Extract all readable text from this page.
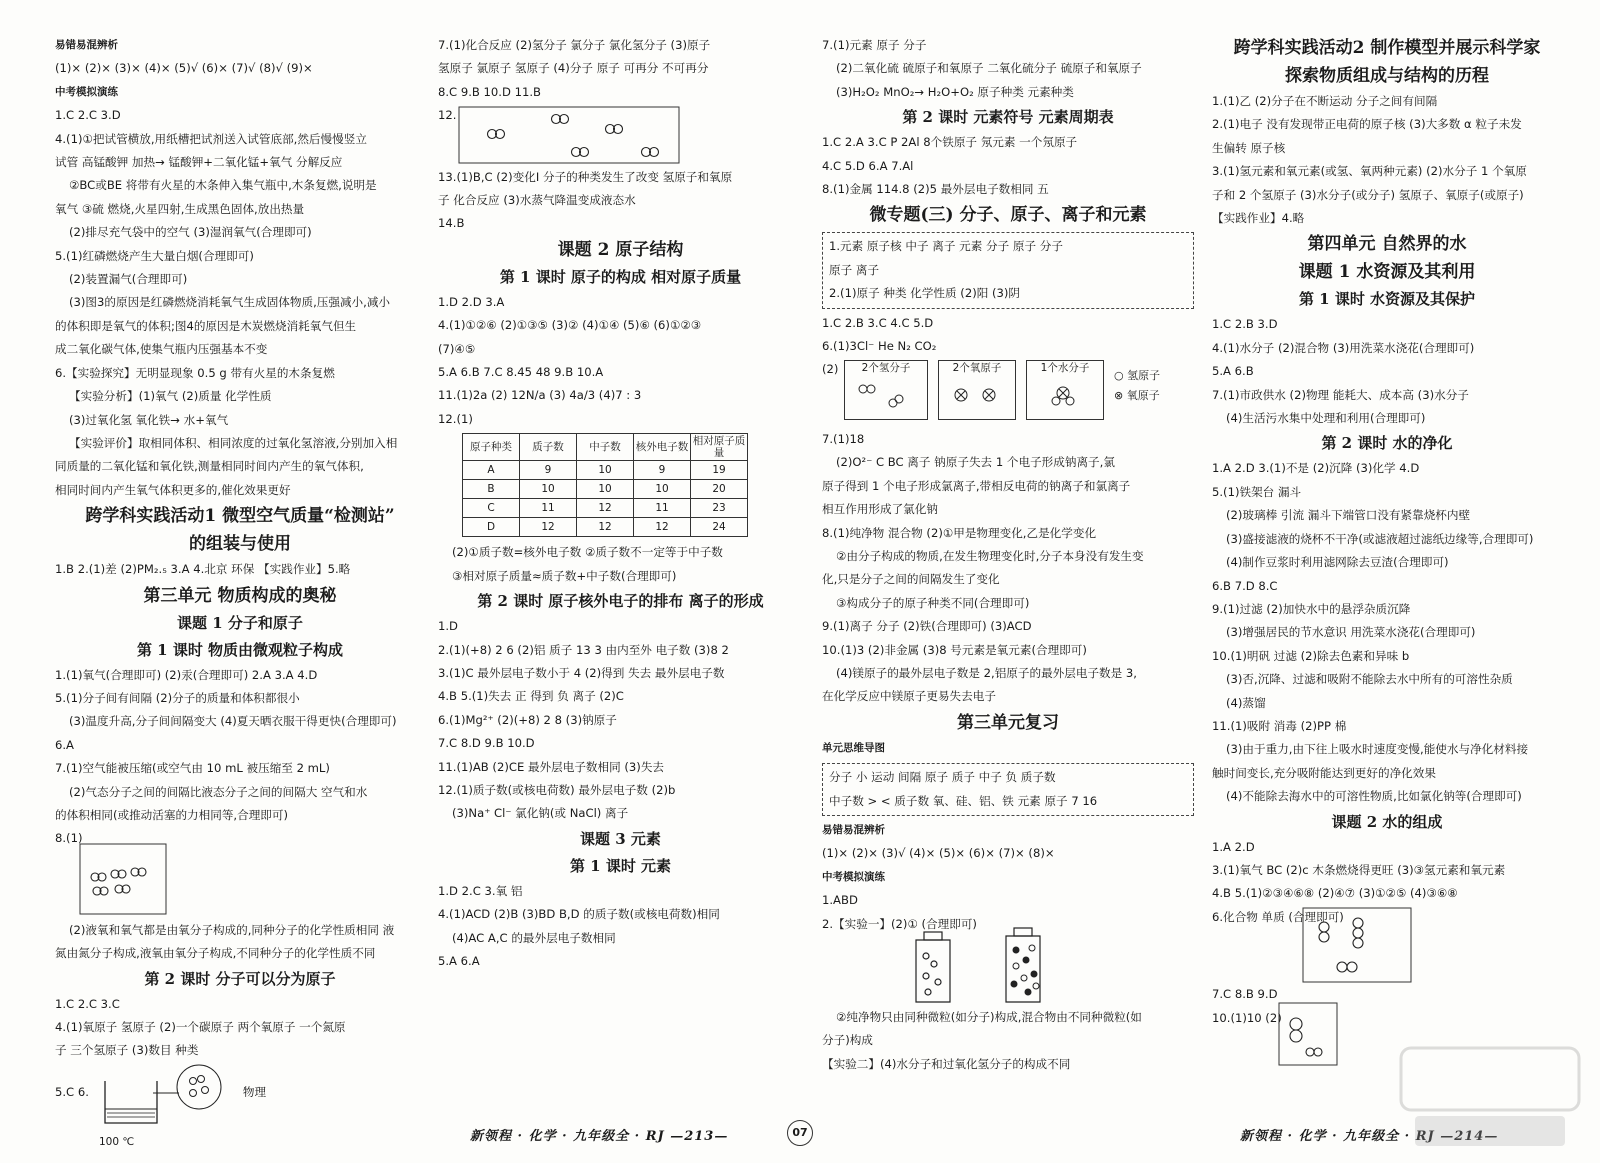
易错易混辨析
(1)× (2)× (3)× (4)× (5)√ (6)× (7)√ (8)√ (9)×
中考模拟演练
1.C 2.C 3.D
4.(1)①把试管横放,用纸槽把试剂送入试管底部,然后慢慢竖立
试管 高锰酸钾 加热→ 锰酸钾+二氧化锰+氧气 分解反应
②BC或BE 将带有火星的木条伸入集气瓶中,木条复燃,说明是
氧气 ③硫 燃烧,火星四射,生成黑色固体,放出热量
(2)排尽充气袋中的空气 (3)湿润氧气(合理即可)
5.(1)红磷燃烧产生大量白烟(合理即可)
(2)装置漏气(合理即可)
(3)图3的原因是红磷燃烧消耗氧气生成固体物质,压强减小,减小
的体积即是氧气的体积;图4的原因是木炭燃烧消耗氧气但生
成二氧化碳气体,使集气瓶内压强基本不变
6.【实验探究】无明显现象 0.5 g 带有火星的木条复燃
【实验分析】(1)氧气 (2)质量 化学性质
(3)过氧化氢 氧化铁→ 水+氧气
【实验评价】取相同体积、相同浓度的过氧化氢溶液,分别加入相
同质量的二氧化锰和氧化铁,测量相同时间内产生的氧气体积,
相同时间内产生氧气体积更多的,催化效果更好
跨学科实践活动1 微型空气质量“检测站”
的组装与使用
1.B 2.(1)差 (2)PM₂.₅ 3.A 4.北京 环保 【实践作业】5.略
第三单元 物质构成的奥秘
课题 1 分子和原子
第 1 课时 物质由微观粒子构成
1.(1)氧气(合理即可) (2)汞(合理即可) 2.A 3.A 4.D
5.(1)分子间有间隔 (2)分子的质量和体积都很小
(3)温度升高,分子间间隔变大 (4)夏天晒衣服干得更快(合理即可)
6.A
7.(1)空气能被压缩(或空气由 10 mL 被压缩至 2 mL)
(2)气态分子之间的间隔比液态分子之间的间隔大 空气和水
的体积相同(或推动活塞的力相同等,合理即可)
8.(1)
(2)液氧和氧气都是由氧分子构成的,同种分子的化学性质相同 液
氮由氮分子构成,液氧由氧分子构成,不同种分子的化学性质不同
第 2 课时 分子可以分为原子
1.C 2.C 3.C
4.(1)氧原子 氢原子 (2)一个碳原子 两个氧原子 一个氮原
子 三个氢原子 (3)数目 种类
5.C 6.	物理
100 ℃
7.(1)化合反应 (2)氢分子 氯分子 氯化氢分子 (3)原子
氢原子 氯原子 氢原子 (4)分子 原子 可再分 不可再分
8.C 9.B 10.D 11.B
12.
13.(1)B,C (2)变化Ⅰ 分子的种类发生了改变 氢原子和氧原
子 化合反应 (3)水蒸气降温变成液态水
14.B
课题 2 原子结构
第 1 课时 原子的构成 相对原子质量
1.D 2.D 3.A
4.(1)①②⑥ (2)①③⑤ (3)② (4)①④ (5)⑥ (6)①②③
(7)④⑤
5.A 6.B 7.C 8.45 48 9.B 10.A
11.(1)2a (2) 12N/a (3) 4a/3 (4)7 : 3
12.(1)
原子种类	质子数	中子数	核外电子数	相对原子质量
A	9	10	9	19
B	10	10	10	20
C	11	12	11	23
D	12	12	12	24
(2)①质子数=核外电子数 ②质子数不一定等于中子数
③相对原子质量≈质子数+中子数(合理即可)
第 2 课时 原子核外电子的排布 离子的形成
1.D
2.(1)(+8) 2 6 (2)铝 质子 13 3 由内至外 电子数 (3)8 2
3.(1)C 最外层电子数小于 4 (2)得到 失去 最外层电子数
4.B 5.(1)失去 正 得到 负 离子 (2)C
6.(1)Mg²⁺ (2)(+8) 2 8 (3)钠原子
7.C 8.D 9.B 10.D
11.(1)AB (2)CE 最外层电子数相同 (3)失去
12.(1)质子数(或核电荷数) 最外层电子数 (2)b
(3)Na⁺ Cl⁻ 氯化钠(或 NaCl) 离子
课题 3 元素
第 1 课时 元素
1.D 2.C 3.氧 铝
4.(1)ACD (2)B (3)BD B,D 的质子数(或核电荷数)相同
(4)AC A,C 的最外层电子数相同
5.A 6.A
7.(1)元素 原子 分子
(2)二氧化硫 硫原子和氧原子 二氧化硫分子 硫原子和氧原子
(3)H₂O₂ MnO₂→ H₂O+O₂ 原子种类 元素种类
第 2 课时 元素符号 元素周期表
1.C 2.A 3.C P 2Al 8个铁原子 氖元素 一个氖原子
4.C 5.D 6.A 7.Al
8.(1)金属 114.8 (2)5 最外层电子数相同 五
微专题(三) 分子、原子、离子和元素
1.元素 原子核 中子 离子 元素 分子 原子 分子
原子 离子
2.(1)原子 种类 化学性质 (2)阳 (3)阴
1.C 2.B 3.C 4.C 5.D
6.(1)3Cl⁻ He N₂ CO₂
(2)	2个氢分子	2个氧原子	1个水分子
○ 氢原子
⊗ 氧原子
7.(1)18
(2)O²⁻ C BC 离子 钠原子失去 1 个电子形成钠离子,氯
原子得到 1 个电子形成氯离子,带相反电荷的钠离子和氯离子
相互作用形成了氯化钠
8.(1)纯净物 混合物 (2)①甲是物理变化,乙是化学变化
②由分子构成的物质,在发生物理变化时,分子本身没有发生变
化,只是分子之间的间隔发生了变化
③构成分子的原子种类不同(合理即可)
9.(1)离子 分子 (2)铁(合理即可) (3)ACD
10.(1)3 (2)非金属 (3)8 号元素是氧元素(合理即可)
(4)镁原子的最外层电子数是 2,铝原子的最外层电子数是 3,
在化学反应中镁原子更易失去电子
第三单元复习
单元思维导图
分子 小 运动 间隔 原子 质子 中子 负 质子数
中子数 > < 质子数 氧、硅、铝、铁 元素 原子 7 16
易错易混辨析
(1)× (2)× (3)√ (4)× (5)× (6)× (7)× (8)×
中考模拟演练
1.ABD
2.【实验一】(2)① (合理即可)
②纯净物只由同种微粒(如分子)构成,混合物由不同种微粒(如
分子)构成
【实验二】(4)水分子和过氧化氢分子的构成不同
跨学科实践活动2 制作模型并展示科学家
探索物质组成与结构的历程
1.(1)乙 (2)分子在不断运动 分子之间有间隔
2.(1)电子 没有发现带正电荷的原子核 (3)大多数 α 粒子未发
生偏转 原子核
3.(1)氢元素和氧元素(或氢、氧两种元素) (2)水分子 1 个氧原
子和 2 个氢原子 (3)水分子(或分子) 氢原子、氧原子(或原子)
【实践作业】4.略
第四单元 自然界的水
课题 1 水资源及其利用
第 1 课时 水资源及其保护
1.C 2.B 3.D
4.(1)水分子 (2)混合物 (3)用洗菜水浇花(合理即可)
5.A 6.B
7.(1)市政供水 (2)物理 能耗大、成本高 (3)水分子
(4)生活污水集中处理和利用(合理即可)
第 2 课时 水的净化
1.A 2.D 3.(1)不是 (2)沉降 (3)化学 4.D
5.(1)铁架台 漏斗
(2)玻璃棒 引流 漏斗下端管口没有紧靠烧杯内壁
(3)盛接滤液的烧杯不干净(或滤液超过滤纸边缘等,合理即可)
(4)制作豆浆时利用滤网除去豆渣(合理即可)
6.B 7.D 8.C
9.(1)过滤 (2)加快水中的悬浮杂质沉降
(3)增强居民的节水意识 用洗菜水浇花(合理即可)
10.(1)明矾 过滤 (2)除去色素和异味 b
(3)否,沉降、过滤和吸附不能除去水中所有的可溶性杂质
(4)蒸馏
11.(1)吸附 消毒 (2)PP 棉
(3)由于重力,由下往上吸水时速度变慢,能使水与净化材料接
触时间变长,充分吸附能达到更好的净化效果
(4)不能除去海水中的可溶性物质,比如氯化钠等(合理即可)
课题 2 水的组成
1.A 2.D
3.(1)氧气 BC (2)c 木条燃烧得更旺 (3)③氢元素和氧元素
4.B 5.(1)②③④⑥⑧ (2)④⑦ (3)①②⑤ (4)③⑥⑧
6.化合物 单质 (合理即可)
7.C 8.B 9.D
10.(1)10 (2)
新领程 · 化学 · 九年级全 · RJ —213—	07	新领程 · 化学 · 九年级全 · RJ —214—
